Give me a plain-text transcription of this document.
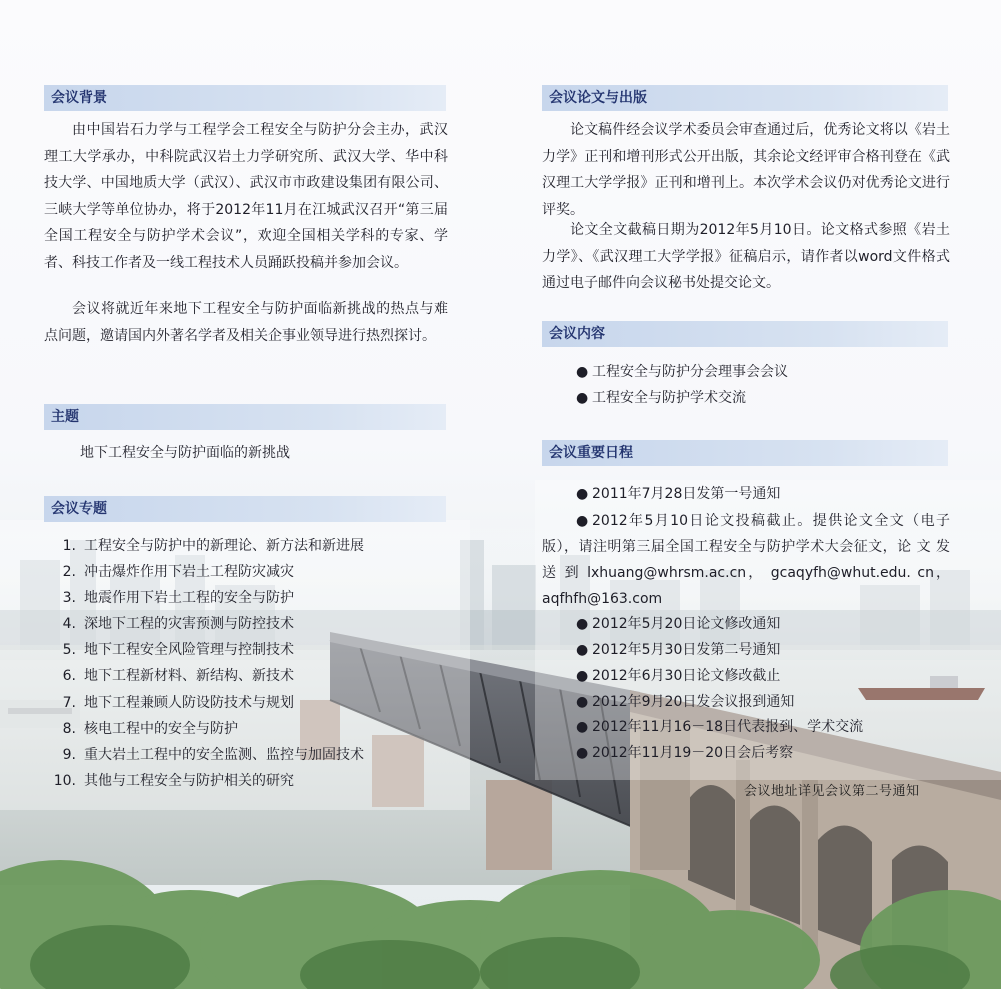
会议背景

由中国岩石力学与工程学会工程安全与防护分会主办，武汉理工大学承办，中科院武汉岩土力学研究所、武汉大学、华中科技大学、中国地质大学（武汉）、武汉市市政建设集团有限公司、三峡大学等单位协办，将于2012年11月在江城武汉召开“第三届全国工程安全与防护学术会议”，欢迎全国相关学科的专家、学者、科技工作者及一线工程技术人员踊跃投稿并参加会议。

会议将就近年来地下工程安全与防护面临新挑战的热点与难点问题，邀请国内外著名学者及相关企事业领导进行热烈探讨。

主题
地下工程安全与防护面临的新挑战
会议专题
1. 工程安全与防护中的新理论、新方法和新进展
2. 冲击爆炸作用下岩土工程防灾减灾
3. 地震作用下岩土工程的安全与防护
4. 深地下工程的灾害预测与防控技术
5. 地下工程安全风险管理与控制技术
6. 地下工程新材料、新结构、新技术
7. 地下工程兼顾人防设防技术与规划
8. 核电工程中的安全与防护
9. 重大岩土工程中的安全监测、监控与加固技术
10. 其他与工程安全与防护相关的研究
会议论文与出版

论文稿件经会议学术委员会审查通过后，优秀论文将以《岩土力学》正刊和增刊形式公开出版，其余论文经评审合格刊登在《武汉理工大学学报》正刊和增刊上。本次学术会议仍对优秀论文进行评奖。

论文全文截稿日期为2012年5月10日。论文格式参照《岩土力学》、《武汉理工大学学报》征稿启示，请作者以word文件格式通过电子邮件向会议秘书处提交论文。

会议内容
● 工程安全与防护分会理事会会议
● 工程安全与防护学术交流
会议重要日程
● 2011年7月28日发第一号通知
● 2012年5月10日论文投稿截止。提供论文全文（电子版），请注明第三届全国工程安全与防护学术大会征文，论 文 发 送 到 lxhuang@whrsm.ac.cn， gcaqyfh@whut.edu. cn，aqfhfh@163.com
● 2012年5月20日论文修改通知
● 2012年5月30日发第二号通知
● 2012年6月30日论文修改截止
● 2012年9月20日发会议报到通知
● 2012年11月16－18日代表报到、学术交流
● 2012年11月19－20日会后考察
会议地址详见会议第二号通知
